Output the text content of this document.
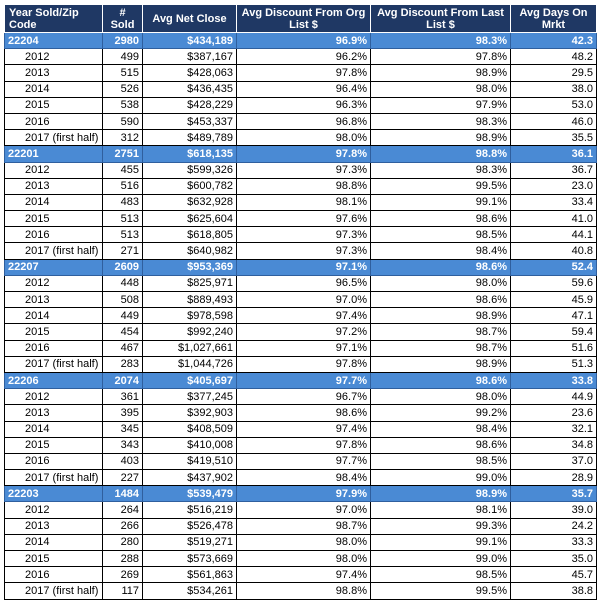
Year Sold/Zip Code	# Sold	Avg Net Close	Avg Discount From Org List $	Avg Discount From Last List $	Avg Days On Mrkt
22204	2980	$434,189	96.9%	98.3%	42.3
2012	499	$387,167	96.2%	97.8%	48.2
2013	515	$428,063	97.8%	98.9%	29.5
2014	526	$436,435	96.4%	98.0%	38.0
2015	538	$428,229	96.3%	97.9%	53.0
2016	590	$453,337	96.8%	98.3%	46.0
2017 (first half)	312	$489,789	98.0%	98.9%	35.5
22201	2751	$618,135	97.8%	98.8%	36.1
2012	455	$599,326	97.3%	98.3%	36.7
2013	516	$600,782	98.8%	99.5%	23.0
2014	483	$632,928	98.1%	99.1%	33.4
2015	513	$625,604	97.6%	98.6%	41.0
2016	513	$618,805	97.3%	98.5%	44.1
2017 (first half)	271	$640,982	97.3%	98.4%	40.8
22207	2609	$953,369	97.1%	98.6%	52.4
2012	448	$825,971	96.5%	98.0%	59.6
2013	508	$889,493	97.0%	98.6%	45.9
2014	449	$978,598	97.4%	98.9%	47.1
2015	454	$992,240	97.2%	98.7%	59.4
2016	467	$1,027,661	97.1%	98.7%	51.6
2017 (first half)	283	$1,044,726	97.8%	98.9%	51.3
22206	2074	$405,697	97.7%	98.6%	33.8
2012	361	$377,245	96.7%	98.0%	44.9
2013	395	$392,903	98.6%	99.2%	23.6
2014	345	$408,509	97.4%	98.4%	32.1
2015	343	$410,008	97.8%	98.6%	34.8
2016	403	$419,510	97.7%	98.5%	37.0
2017 (first half)	227	$437,902	98.4%	99.0%	28.9
22203	1484	$539,479	97.9%	98.9%	35.7
2012	264	$516,219	97.0%	98.1%	39.0
2013	266	$526,478	98.7%	99.3%	24.2
2014	280	$519,271	98.0%	99.1%	33.3
2015	288	$573,669	98.0%	99.0%	35.0
2016	269	$561,863	97.4%	98.5%	45.7
2017 (first half)	117	$534,261	98.8%	99.5%	38.8
